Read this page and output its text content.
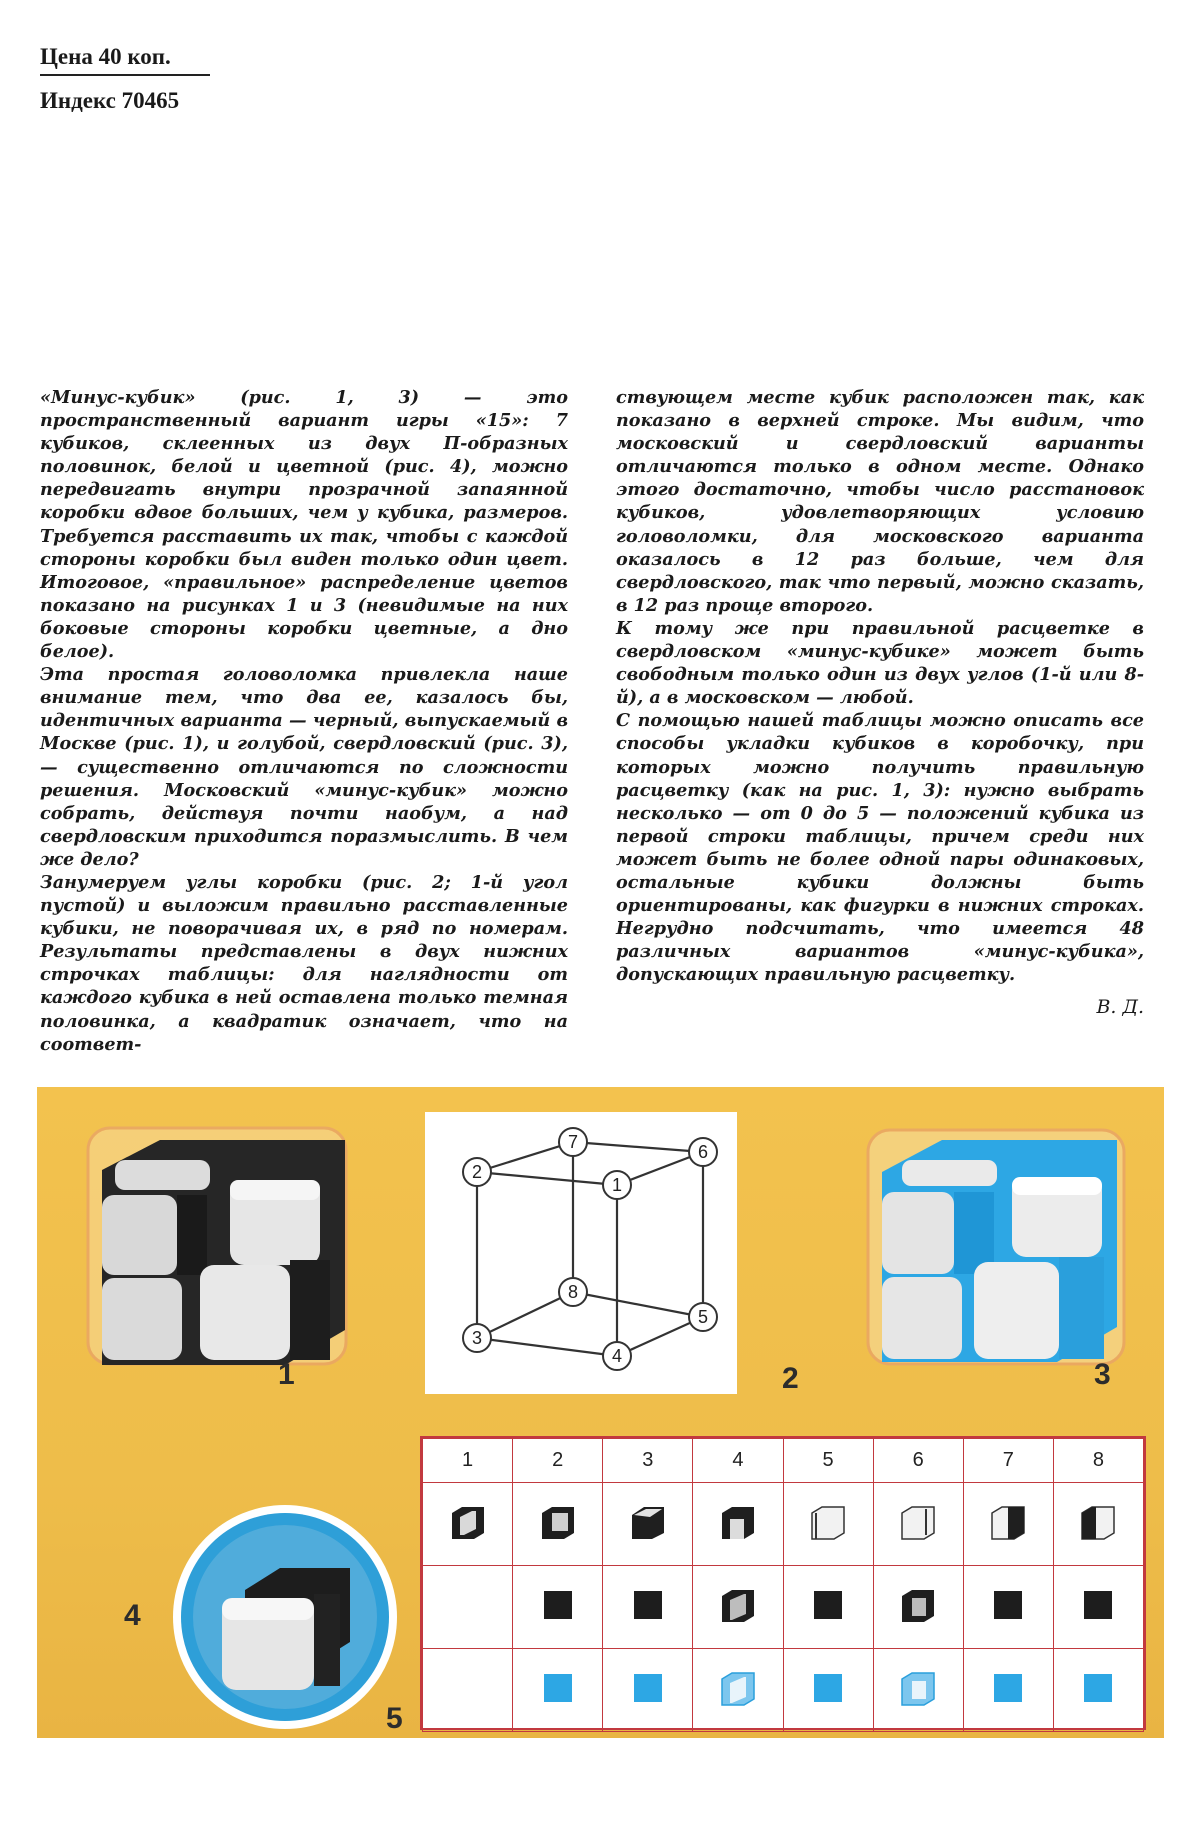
Цена 40 коп.
Индекс 70465

«Минус-кубик» (рис. 1, 3) — это пространственный вариант игры «15»: 7 кубиков, склеенных из двух П-образных половинок, белой и цветной (рис. 4), можно передвигать внутри прозрачной запаянной коробки вдвое больших, чем у кубика, размеров. Требуется расставить их так, чтобы с каждой стороны коробки был виден только один цвет. Итоговое, «правильное» распределение цветов показано на рисунках 1 и 3 (невидимые на них боковые стороны коробки цветные, а дно белое).

Эта простая головоломка привлекла наше внимание тем, что два ее, казалось бы, идентичных варианта — черный, выпускаемый в Москве (рис. 1), и голубой, свердловский (рис. 3),— существенно отличаются по сложности решения. Московский «минус-кубик» можно собрать, действуя почти наобум, а над свердловским приходится поразмыслить. В чем же дело?

Занумеруем углы коробки (рис. 2; 1-й угол пустой) и выложим правильно расставленные кубики, не поворачивая их, в ряд по номерам. Результаты представлены в двух нижних строчках таблицы: для наглядности от каждого кубика в ней оставлена только темная половинка, а квадратик означает, что на соответ-

ствующем месте кубик расположен так, как показано в верхней строке. Мы видим, что московский и свердловский варианты отличаются только в одном месте. Однако этого достаточно, чтобы число расстановок кубиков, удовлетворяющих условию головоломки, для московского варианта оказалось в 12 раз больше, чем для свердловского, так что первый, можно сказать, в 12 раз проще второго.

К тому же при правильной расцветке в свердловском «минус-кубике» может быть свободным только один из двух углов (1-й или 8-й), а в московском — любой.

С помощью нашей таблицы можно описать все способы укладки кубиков в коробочку, при которых можно получить правильную расцветку (как на рис. 1, 3): нужно выбрать несколько — от 0 до 5 — положений кубика из первой строки таблицы, причем среди них может быть не более одной пары одинаковых, остальные кубики должны быть ориентированы, как фигурки в нижних строках. Негрудно подсчитать, что имеется 48 различных вариантов «минус-кубика», допускающих правильную расцветку.

В. Д.

1
7	6
2
1
8
5
3
4
2	3
4
5
1	2	3	4	5	6	7	8
